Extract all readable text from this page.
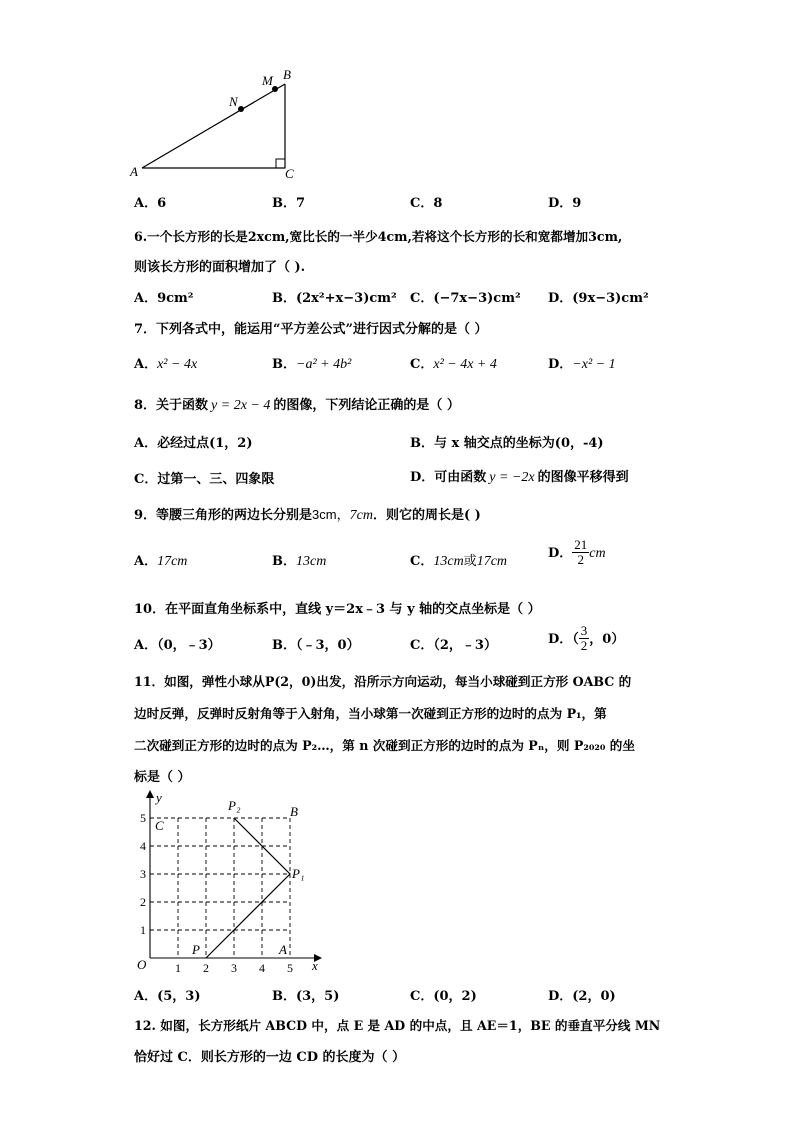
A
B
C
M
N
A．6	B．7	C．8	D．9
6.一个长方形的长是2xcm,宽比长的一半少4cm,若将这个长方形的长和宽都增加3cm,
则该长方形的面积增加了（ ).
A．9cm²	B．(2x²+x−3)cm² C．(−7x−3)cm² D．(9x−3)cm²
7．下列各式中，能运用“平方差公式”进行因式分解的是（ ）
A．x² − 4x	B．−a² + 4b²	C．x² − 4x + 4	D．−x² − 1
8．关于函数 y = 2x − 4 的图像，下列结论正确的是（ ）
A．必经过点(1，2)	B．与 x 轴交点的坐标为(0，-4)
C．过第一、三、四象限	D．可由函数 y = −2x 的图像平移得到
9．等腰三角形的两边长分别是3cm，7cm．则它的周长是( )
A．17cm	B．13cm	C．13cm或17cm
D． $\frac{21}{2}$ cm
10．在平面直角坐标系中，直线 y＝2x﹣3 与 y 轴的交点坐标是（ ）
A．（0，﹣3）	B．（﹣3，0）	C．（2，﹣3）	D．（ $\frac{3}{2}$ ，0）
11．如图，弹性小球从P(2，0)出发，沿所示方向运动，每当小球碰到正方形 OABC 的
边时反弹，反弹时反射角等于入射角，当小球第一次碰到正方形的边时的点为 P₁，第
二次碰到正方形的边时的点为 P₂…，第 n 次碰到正方形的边时的点为 Pₙ，则 P₂₀₂₀ 的坐
标是（ ）
1 2 3 4 5
1
2
3
4
5
O	x
y
P	A
C
B
P₁
P₂
A．(5，3)	B．(3，5)	C．(0，2)	D．(2，0)
12. 如图，长方形纸片 ABCD 中，点 E 是 AD 的中点，且 AE＝1，BE 的垂直平分线 MN
恰好过 C．则长方形的一边 CD 的长度为（ ）
